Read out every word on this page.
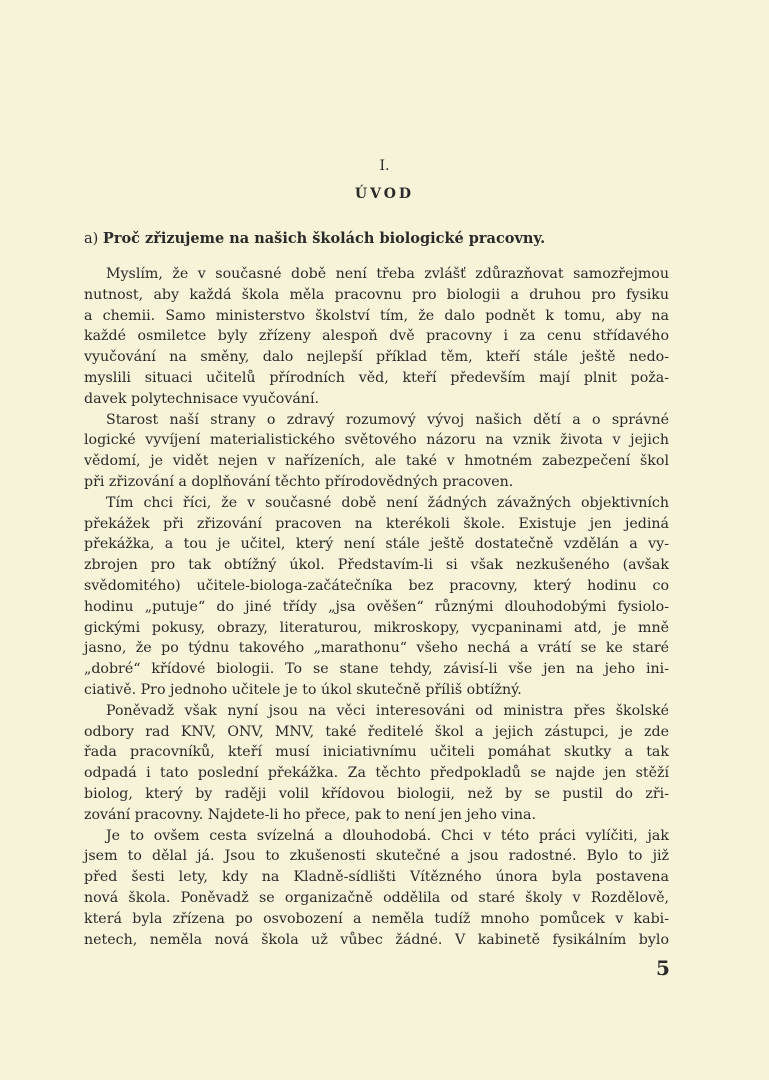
I.
ÚVOD
a) Proč zřizujeme na našich školách biologické pracovny.
Myslím, že v současné době není třeba zvlášť zdůrazňovat samozřejmou
nutnost, aby každá škola měla pracovnu pro biologii a druhou pro fysiku
a chemii. Samo ministerstvo školství tím, že dalo podnět k tomu, aby na
každé osmiletce byly zřízeny alespoň dvě pracovny i za cenu střídavého
vyučování na směny, dalo nejlepší příklad těm, kteří stále ještě nedo-
myslili situaci učitelů přírodních věd, kteří především mají plnit poža-
davek polytechnisace vyučování.
Starost naší strany o zdravý rozumový vývoj našich dětí a o správné
logické vyvíjení materialistického světového názoru na vznik života v jejich
vědomí, je vidět nejen v nařízeních, ale také v hmotném zabezpečení škol
při zřizování a doplňování těchto přírodovědných pracoven.
Tím chci říci, že v současné době není žádných závažných objektivních
překážek při zřizování pracoven na kterékoli škole. Existuje jen jediná
překážka, a tou je učitel, který není stále ještě dostatečně vzdělán a vy-
zbrojen pro tak obtížný úkol. Představím-li si však nezkušeného (avšak
svědomitého) učitele-biologa-začátečníka bez pracovny, který hodinu co
hodinu „putuje“ do jiné třídy „jsa ověšen“ různými dlouhodobými fysiolo-
gickými pokusy, obrazy, literaturou, mikroskopy, vycpaninami atd, je mně
jasno, že po týdnu takového „marathonu“ všeho nechá a vrátí se ke staré
„dobré“ křídové biologii. To se stane tehdy, závisí-li vše jen na jeho ini-
ciativě. Pro jednoho učitele je to úkol skutečně příliš obtížný.
Poněvadž však nyní jsou na věci interesováni od ministra přes školské
odbory rad KNV, ONV, MNV, také ředitelé škol a jejich zástupci, je zde
řada pracovníků, kteří musí iniciativnímu učiteli pomáhat skutky a tak
odpadá i tato poslední překážka. Za těchto předpokladů se najde jen stěží
biolog, který by raději volil křídovou biologii, než by se pustil do zři-
zování pracovny. Najdete-li ho přece, pak to není jen jeho vina.
Je to ovšem cesta svízelná a dlouhodobá. Chci v této práci vylíčiti, jak
jsem to dělal já. Jsou to zkušenosti skutečné a jsou radostné. Bylo to již
před šesti lety, kdy na Kladně-sídlišti Vítězného února byla postavena
nová škola. Poněvadž se organizačně oddělila od staré školy v Rozdělově,
která byla zřízena po osvobození a neměla tudíž mnoho pomůcek v kabi-
netech, neměla nová škola už vůbec žádné. V kabinetě fysikálním bylo
5
